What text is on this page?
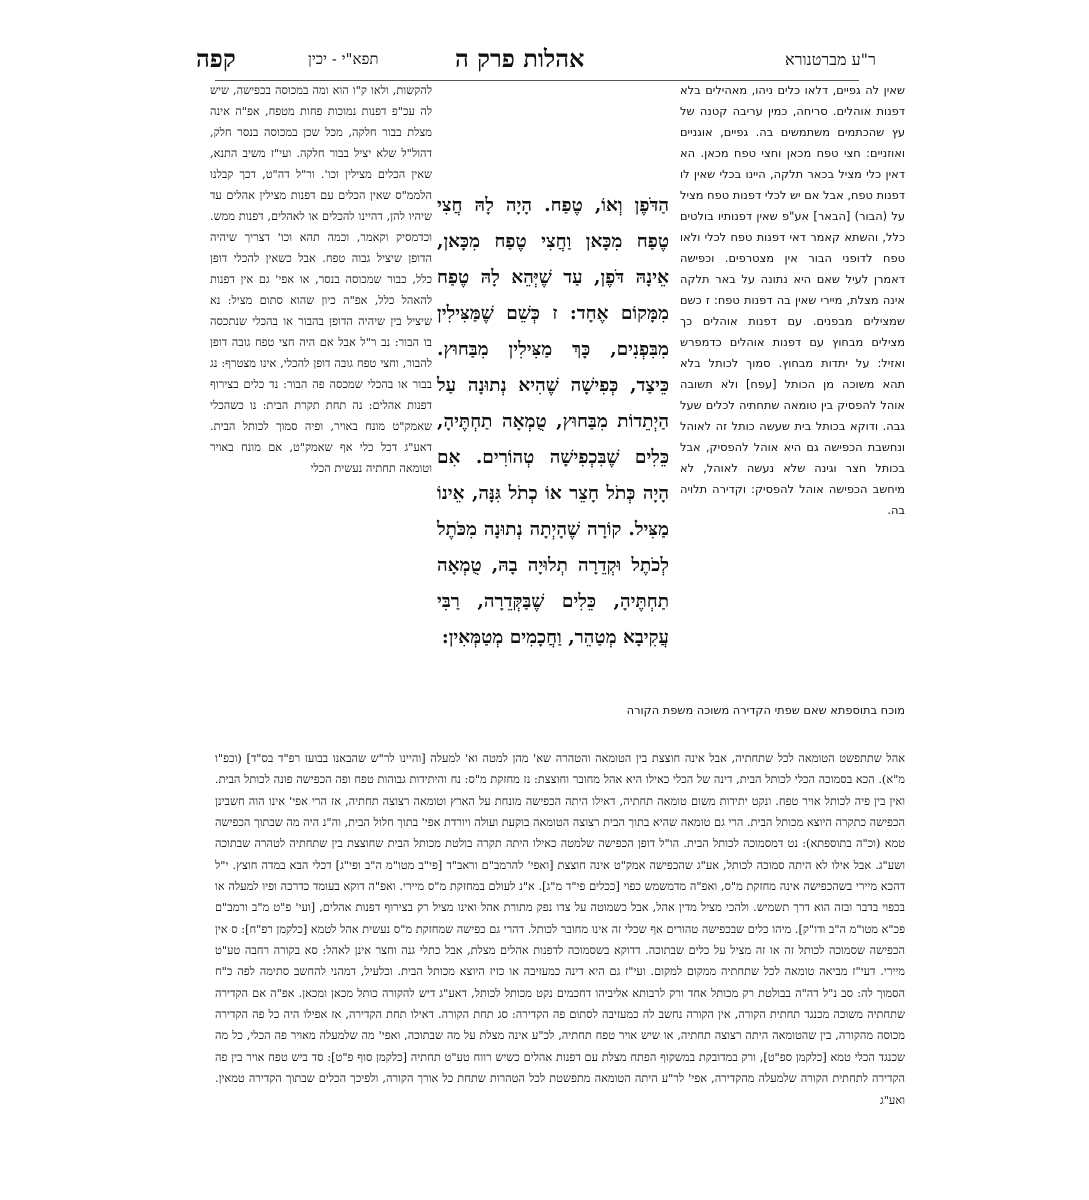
קפה	תפא"י - יכין	אהלות פרק ה	ר"ע מברטנורא
שאין לה גפיים, דלאו כלים ניהו, מאהילים בלא דפנות אוהלים. סריחה, כמין עריבה קטנה של עץ שהכתמים משתמשים בה. גפיים, אוגניים ואוזניים: חצי טפח מכאן וחצי טפח מכאן. הא דאין כלי מציל בכאר תלקה, היינו בכלי שאין לו דפנות טפח, אבל אם יש לכלי דפנות טפח מציל על (הבור) [הבאר] אע"פ שאין דפנותיו בולטים כלל, והשתא קאמר דאי דפנות טפח לכלי ולאו טפח לדופני הבור אין מצטרפים. וכפישה דאמרן לעיל שאם היא נתונה על באר תלקה אינה מצלת, מיירי שאין בה דפנות טפח: ז כשם שמצילים מבפנים. עם דפנות אוהלים כך מצילים מבחוץ עם דפנות אוהלים כדמפרש ואזיל: על יתדות מבחוץ. סמוך לכותל בלא תהא משוכה מן הכותל [עפח] ולא תשובה אוהל להפסיק בין טומאה שתחתיה לכלים שעל גבה. ודוקא בכותל בית שעשה כותל זה לאוהל ונחשבת הכפישה גם היא אוהל להפסיק, אבל בכותל חצר וגינה שלא נעשה לאוהל, לא מיחשב הכפישה אוהל להפסיק: וקדירה תלויה בה.

הַדֹּפֶן וְאוֹ, טֶפַח. הָיָה לָהּ חֲצִי טֶפַח מִכָּאן וַחֲצִי טֶפַח מִכָּאן, אֵינָהּ דֹּפֶן, עַד שֶׁיְּהֵא לָהּ טֶפַח מִמָּקוֹם אֶחָד: ז כְּשֵׁם שֶׁמַּצִּילִין מִבִּפְנִים, כָּךְ מַצִּילִין מִבַּחוּץ. כֵּיצַד, כְּפִישָׁה שֶׁהִיא נְתוּנָה עַל הַיְתֵדוֹת מִבַּחוּץ, טֻמְאָה תַחְתֶּיהָ, כֵּלִים שֶׁבִּכְפִישָׁה טְהוֹרִים. אִם הָיָה כְּתֹל חָצֵר אוֹ כְתֹל גִּנָּה, אֵינוֹ מַצִּיל. קוֹרָה שֶׁהָיְתָה נְתוּנָה מִכֹּתֶל לְכֹתֶל וּקְדֵרָה תְלוּיָה בָהּ, טֻמְאָה תַחְתֶּיהָ, כֵּלִים שֶׁבַּקְּדֵרָה, רַבִּי עֲקִיבָא מְטַהֵר, וַחֲכָמִים מְטַמְּאִין:

להקשות, ולאו ק"ו הוא ומה במכוסה בכפישה, שיש לה עכ"פ דפנות נמוכות פחות מטפח, אפ"ה אינה מצלת בבור חלקה, מכל שכן במכוסה בנסר חלק, דהול"ל שלא יציל בבור חלקה. ועי"ז משיב התנא, שאין הכלים מצילין וכו'. ור"ל דה"ט, דכך קבלנו הלממ"ס שאין הכלים עם דפנות מצילין אהלים עד שיהיו להן, דהיינו להכלים או לאהלים, דפנות ממש. וכדמסיק וקאמר, וכמה תהא וכו' דצריך שיהיה הדופן שיציל גבוה טפח. אבל כשאין להכלי דופן כלל, כבור שמכוסה בנסר, או אפי' גם אין דפנות להאהל כלל, אפ"ה כיון שהוא סתום מציל: נא שיציל בין שיהיה הדופן בהבור או בהכלי שנתכסה בו הבור: נב ר"ל אבל אם היה חצי טפח גובה דופן להבור, וחצי טפח גובה דופן להכלי, אינו מצטרף: נג בבור או בהכלי שמכסה פה הבור: נד כלים בצירוף דפנות אהלים: נה תחת תקרת הבית: נו כשהכלי שאמק"ט מונח באויר, ופיה סמוך לכותל הבית. דאע"ג דכל כלי אף שאמק"ט, אם מונח באויר וטומאה תחתיה נעשית הכלי
מוכח בתוספתא שאם שפתי הקדירה משוכה משפת הקורה

אהל שתתפשט הטומאה לכל שתחתיה, אבל אינה חוצצת בין הטומאה והטהרה שא' מהן למטה וא' למעלה [והיינו לר"ש שהבאנו בבועז רפ"ד בס"ד] (וכפ"ו מ"א). הכא בסמוכה הכלי לכותל הבית, דינה של הכלי כאילו היא אהל מחובר וחוצצת: נז מחזקת מ"ס: נח והיתידות גבוהות טפח ופה הכפישה פונה לכותל הבית. ואין בין פיה לכותל אויר טפח. ונקט יתידות משום טומאה תחתיה, דאילו היתה הכפישה מונחת על הארץ וטומאה רצוצה תחתיה, אז הרי אפי' אינו הוה חשבינן הכפישה כתקרה היוצא מכותל הבית. הרי גם טומאה שהיא בתוך הבית רצוצה הטומאה בוקעת ועולה ויורדת אפי' בתוך חלול הבית, וה"נ היה מה שבתוך הכפישה טמא (וכ"ה בתוספתא): נט דמסמוכה לכותל הבית. הו"ל דופן הכפישה שלמטה כאילו היתה תקרה בולטת מכותל הבית שחוצצת בין שתחתיה לטהרה שבתוכה ושע"ג. אבל אילו לא היתה סמוכה לכותל, אע"ג שהכפישה אמק"ט אינה חוצצת [ואפי' להרמב"ם וראב"ד [פי"ב מטו"מ ה"ב ופי"ג] דכלי הבא במדה חוצץ. י"ל דהכא מיירי בשהכפישה אינה מחזקת מ"ס, ואפ"ה מדמשמש כפוי [ככלים פי"ד מ"ג]. א"נ לעולם במחזקת מ"ס מיירי. ואפ"ה דוקא בעומד כדרכה ופיו למעלה או בכפוי בדבר ובזה הוא דרך תשמיש. ולהכי מציל מדין אהל, אבל כשמוטה על צדו נפק מתורת אהל ואינו מציל רק בצירוף דפנות אהלים, [ועי' פ"ט מ"ב ורמב"ם פכ"א מטו"מ ה"ב ודו"ק]. מיהו כלים שבכפישה טהורים אף שכלי זה אינו מחובר לכותל. דהרי גם כפישה שמחזקת מ"ס נעשית אהל לטמא [כלקמן רפ"ח]: ס אין הכפישה שסמוכה לכותל זה או זה מציל על כלים שבתוכה. דדוקא בשסמוכה לדפנות אהלים מצלת, אבל כתלי גנה וחצר אינן לאהל: סא בקורה רחבה טע"ט מיירי. דעי"ז מביאה טומאה לכל שתחתיה ממקום למקום. ועי"ז גם היא דינה כמעזיבה או כזיז היוצא מכותל הבית. וכלעיל, דמהני להחשב סתימה לפה כ"ח הסמוך לה: סב נ"ל דה"ה בבולטת רק מכותל אחד ורק לרבותא אליביהו דחכמים נקט מכותל לכותל, דאע"ג דיש להקורה כותל מכאן ומכאן. אפ"ה אם הקדירה שתחתיה משוכה מכנגד תחתית הקורה, אין הקורה נחשב לה כמעזיבה לסתום פה הקדירה: סג תחת הקורה. דאילו תחת הקדירה, אז אפילו היה כל פה הקדירה מכוסה מהקורה, בין שהטומאה היתה רצוצה תחתיה, או שיש אויר טפח תחתיה, לכ"ע אינה מצלת על מה שבתוכה, ואפי' מה שלמעלה מאויר פה הכלי, כל מה שכנגד הכלי טמא [כלקמן ספ"ט], ורק במדובקת במשקוף הפתח מצלת עם דפנות אהלים כשיש רווח טע"ט תחתיה [כלקמן סוף פ"ט]: סד ביש טפח אויר בין פה הקדירה לתחתית הקורה שלמעלה מהקדירה, אפי' לר"ע היתה הטומאה מתפשטת לכל הטהרות שתחת כל אורך הקורה, ולפיכך הכלים שבתוך הקדירה טמאין. ואע"ג
